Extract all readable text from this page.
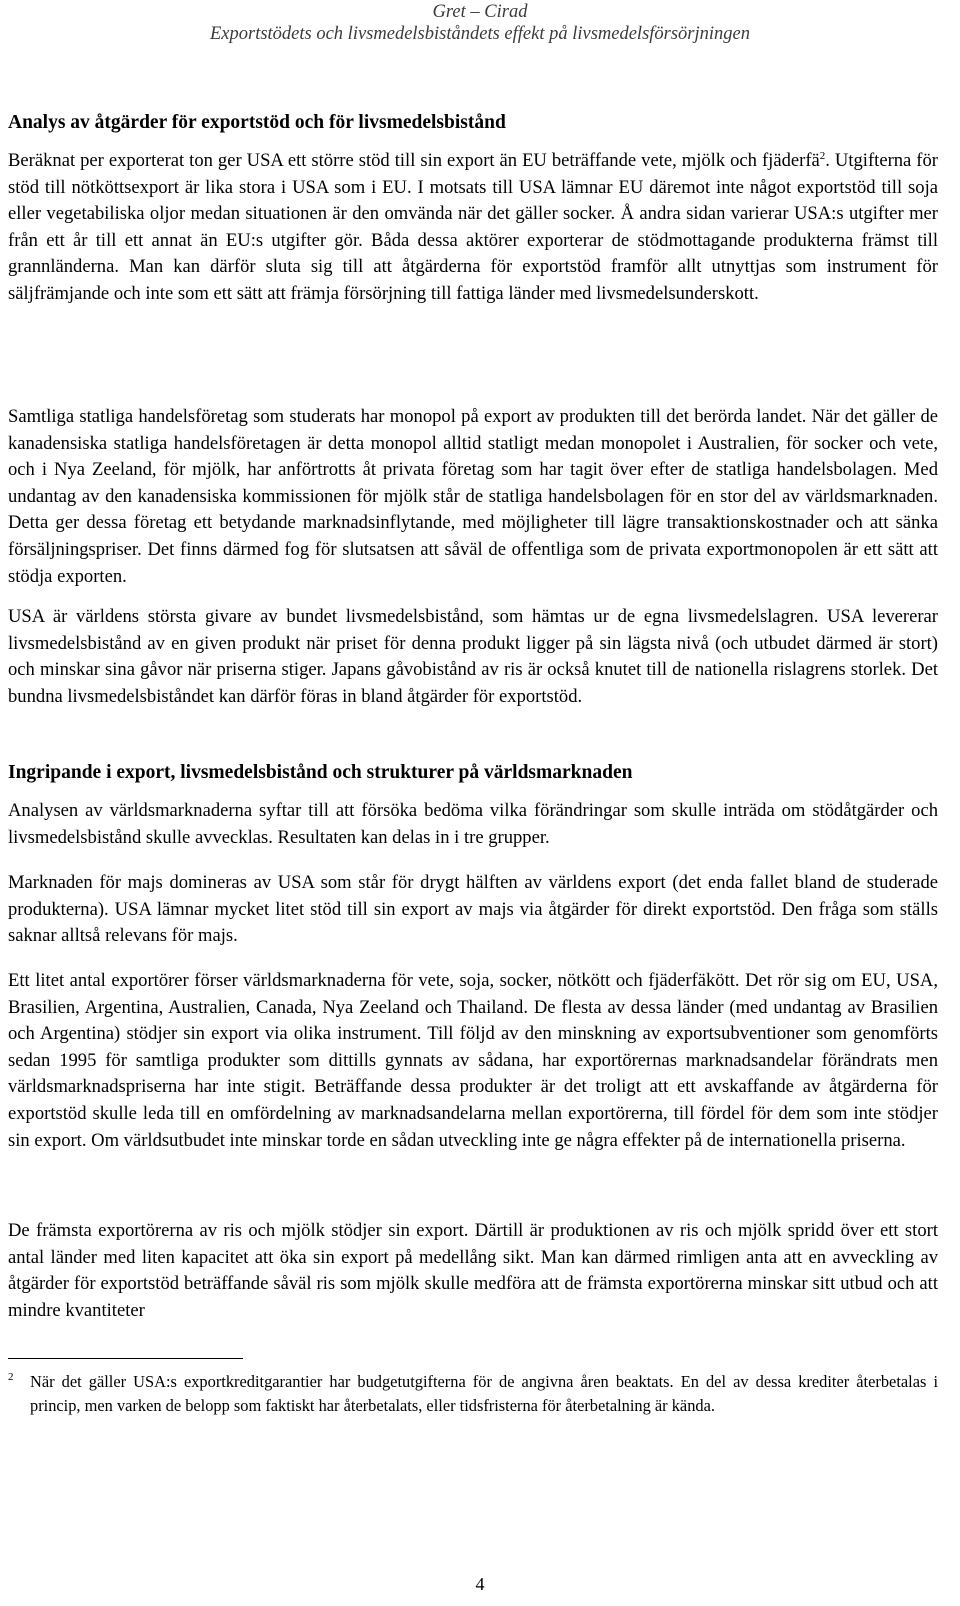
Gret – Cirad
Exportstödets och livsmedelsbiståndets effekt på livsmedelsförsörjningen
Analys av åtgärder för exportstöd och för livsmedelsbistånd

Beräknat per exporterat ton ger USA ett större stöd till sin export än EU beträffande vete, mjölk och fjäderfä$^2$. Utgifterna för stöd till nötköttsexport är lika stora i USA som i EU. I motsats till USA lämnar EU däremot inte något exportstöd till soja eller vegetabiliska oljor medan situationen är den omvända när det gäller socker. Å andra sidan varierar USA:s utgifter mer från ett år till ett annat än EU:s utgifter gör. Båda dessa aktörer exporterar de stödmottagande produkterna främst till grannländerna. Man kan därför sluta sig till att åtgärderna för exportstöd framför allt utnyttjas som instrument för säljfrämjande och inte som ett sätt att främja försörjning till fattiga länder med livsmedelsunderskott.

Samtliga statliga handelsföretag som studerats har monopol på export av produkten till det berörda landet. När det gäller de kanadensiska statliga handelsföretagen är detta monopol alltid statligt medan monopolet i Australien, för socker och vete, och i Nya Zeeland, för mjölk, har anförtrotts åt privata företag som har tagit över efter de statliga handelsbolagen. Med undantag av den kanadensiska kommissionen för mjölk står de statliga handelsbolagen för en stor del av världsmarknaden. Detta ger dessa företag ett betydande marknadsinflytande, med möjligheter till lägre transaktionskostnader och att sänka försäljningspriser. Det finns därmed fog för slutsatsen att såväl de offentliga som de privata exportmonopolen är ett sätt att stödja exporten.

USA är världens största givare av bundet livsmedelsbistånd, som hämtas ur de egna livsmedelslagren. USA levererar livsmedelsbistånd av en given produkt när priset för denna produkt ligger på sin lägsta nivå (och utbudet därmed är stort) och minskar sina gåvor när priserna stiger. Japans gåvobistånd av ris är också knutet till de nationella rislagrens storlek. Det bundna livsmedelsbiståndet kan därför föras in bland åtgärder för exportstöd.

Ingripande i export, livsmedelsbistånd och strukturer på världsmarknaden

Analysen av världsmarknaderna syftar till att försöka bedöma vilka förändringar som skulle inträda om stödåtgärder och livsmedelsbistånd skulle avvecklas. Resultaten kan delas in i tre grupper.

Marknaden för majs domineras av USA som står för drygt hälften av världens export (det enda fallet bland de studerade produkterna). USA lämnar mycket litet stöd till sin export av majs via åtgärder för direkt exportstöd. Den fråga som ställs saknar alltså relevans för majs.

Ett litet antal exportörer förser världsmarknaderna för vete, soja, socker, nötkött och fjäderfäkött. Det rör sig om EU, USA, Brasilien, Argentina, Australien, Canada, Nya Zeeland och Thailand. De flesta av dessa länder (med undantag av Brasilien och Argentina) stödjer sin export via olika instrument. Till följd av den minskning av exportsubventioner som genomförts sedan 1995 för samtliga produkter som dittills gynnats av sådana, har exportörernas marknadsandelar förändrats men världsmarknadspriserna har inte stigit. Beträffande dessa produkter är det troligt att ett avskaffande av åtgärderna för exportstöd skulle leda till en omfördelning av marknadsandelarna mellan exportörerna, till fördel för dem som inte stödjer sin export. Om världsutbudet inte minskar torde en sådan utveckling inte ge några effekter på de internationella priserna.

De främsta exportörerna av ris och mjölk stödjer sin export. Därtill är produktionen av ris och mjölk spridd över ett stort antal länder med liten kapacitet att öka sin export på medellång sikt. Man kan därmed rimligen anta att en avveckling av åtgärder för exportstöd beträffande såväl ris som mjölk skulle medföra att de främsta exportörerna minskar sitt utbud och att mindre kvantiteter

2 När det gäller USA:s exportkreditgarantier har budgetutgifterna för de angivna åren beaktats. En del av dessa krediter återbetalas i princip, men varken de belopp som faktiskt har återbetalats, eller tidsfristerna för återbetalning är kända.
4
